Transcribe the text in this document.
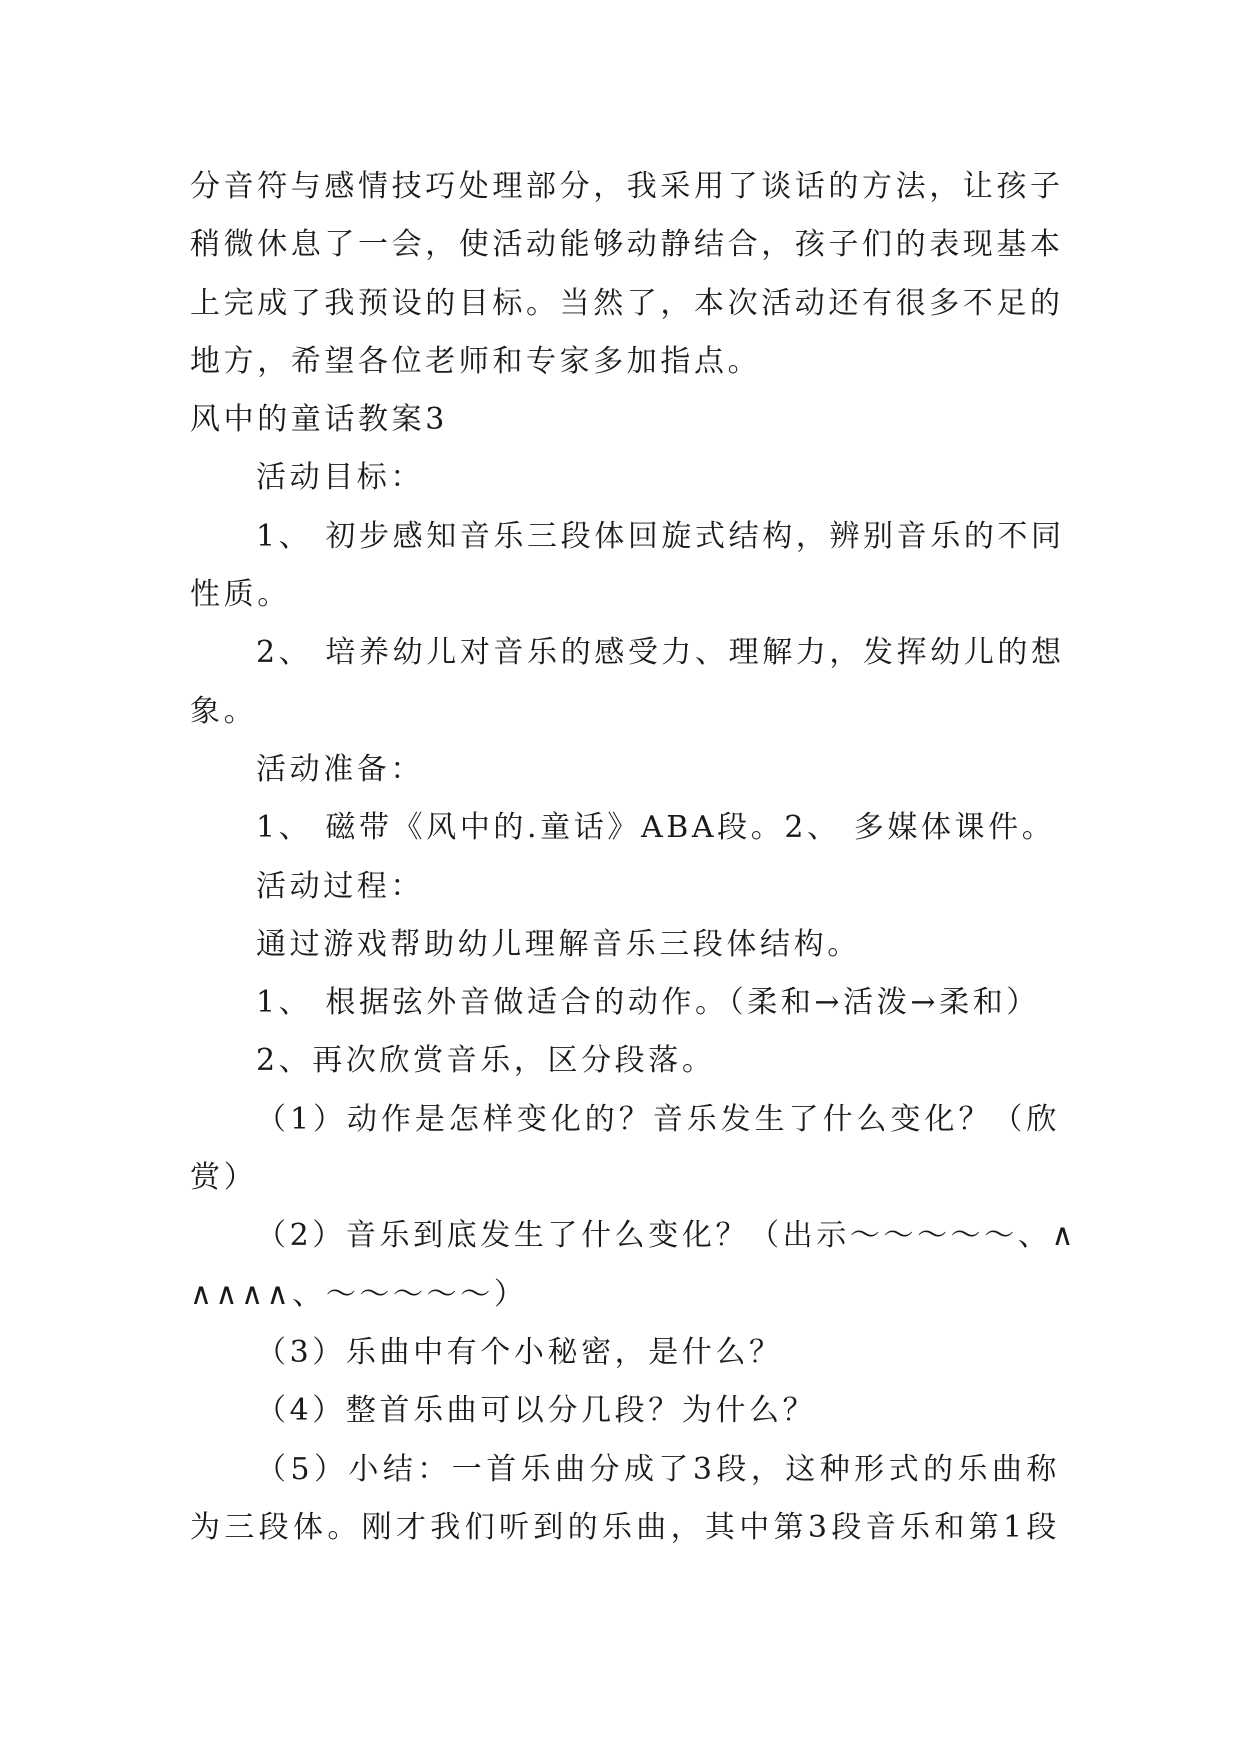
分音符与感情技巧处理部分，我采用了谈话的方法，让孩子
稍微休息了一会，使活动能够动静结合，孩子们的表现基本
上完成了我预设的目标。当然了，本次活动还有很多不足的
地方，希望各位老师和专家多加指点。
风中的童话教案3
活动目标：
1、 初步感知音乐三段体回旋式结构，辨别音乐的不同
性质。
2、 培养幼儿对音乐的感受力、理解力，发挥幼儿的想
象。
活动准备：
1、 磁带《风中的.童话》ABA段。2、 多媒体课件。
活动过程：
通过游戏帮助幼儿理解音乐三段体结构。
1、 根据弦外音做适合的动作。（柔和→活泼→柔和）
2、再次欣赏音乐，区分段落。
（1）动作是怎样变化的？音乐发生了什么变化？（欣
赏）
（2）音乐到底发生了什么变化？（出示～～～～～、∧
∧∧∧∧、～～～～～）
（3）乐曲中有个小秘密，是什么？
（4）整首乐曲可以分几段？为什么？
（5）小结：一首乐曲分成了3段，这种形式的乐曲称
为三段体。刚才我们听到的乐曲，其中第3段音乐和第1段
